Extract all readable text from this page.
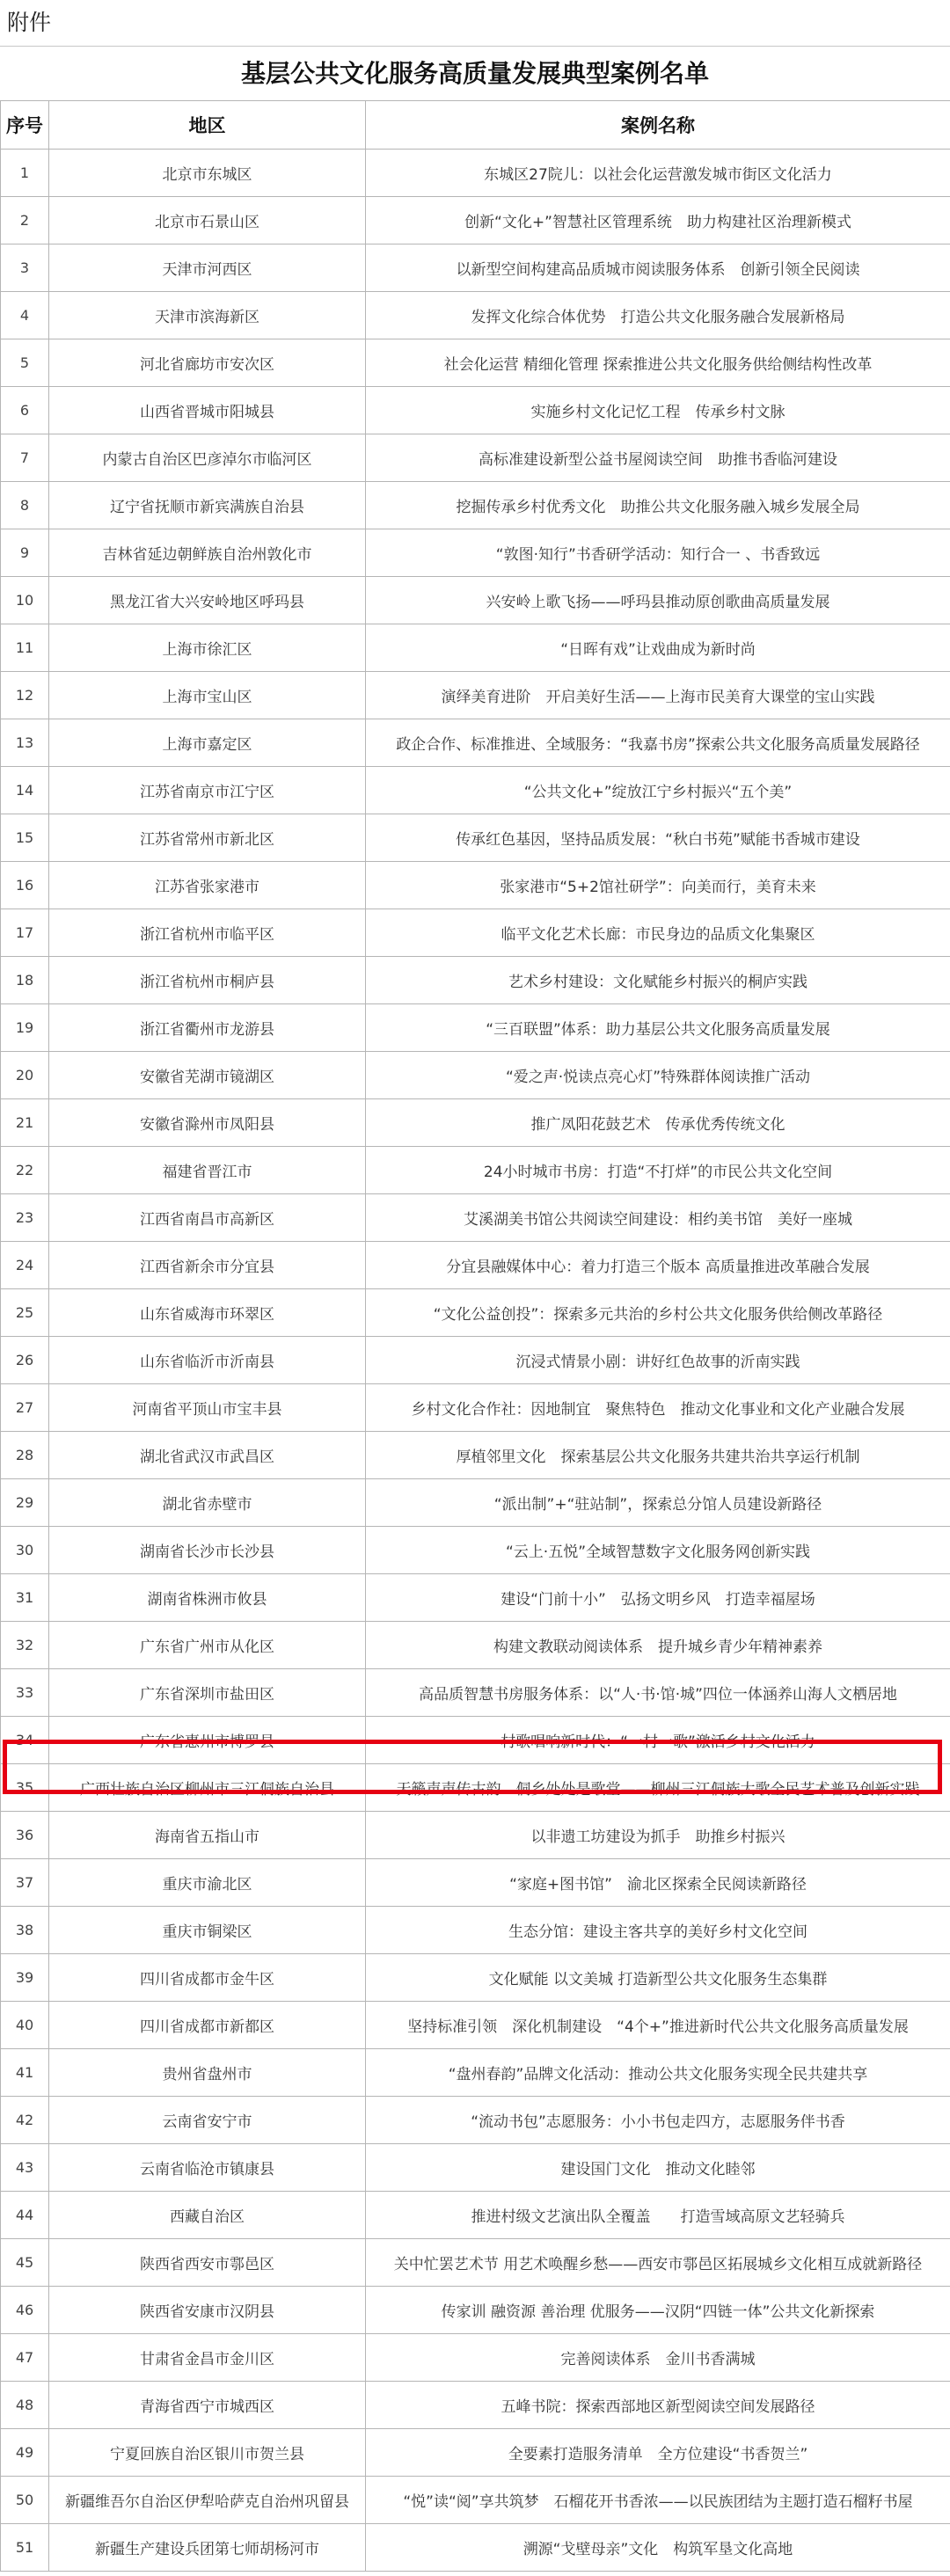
附件
基层公共文化服务高质量发展典型案例名单
序号	地区	案例名称
1	北京市东城区	东城区27院儿：以社会化运营激发城市街区文化活力
2	北京市石景山区	创新“文化+”智慧社区管理系统　助力构建社区治理新模式
3	天津市河西区	以新型空间构建高品质城市阅读服务体系　创新引领全民阅读
4	天津市滨海新区	发挥文化综合体优势　打造公共文化服务融合发展新格局
5	河北省廊坊市安次区	社会化运营 精细化管理 探索推进公共文化服务供给侧结构性改革
6	山西省晋城市阳城县	实施乡村文化记忆工程　传承乡村文脉
7	内蒙古自治区巴彦淖尔市临河区	高标准建设新型公益书屋阅读空间　助推书香临河建设
8	辽宁省抚顺市新宾满族自治县	挖掘传承乡村优秀文化　助推公共文化服务融入城乡发展全局
9	吉林省延边朝鲜族自治州敦化市	“敦图·知行”书香研学活动：知行合一 、书香致远
10	黑龙江省大兴安岭地区呼玛县	兴安岭上歌飞扬——呼玛县推动原创歌曲高质量发展
11	上海市徐汇区	“日晖有戏”让戏曲成为新时尚
12	上海市宝山区	演绎美育进阶　开启美好生活——上海市民美育大课堂的宝山实践
13	上海市嘉定区	政企合作、标准推进、全域服务：“我嘉书房”探索公共文化服务高质量发展路径
14	江苏省南京市江宁区	“公共文化+”绽放江宁乡村振兴“五个美”
15	江苏省常州市新北区	传承红色基因，坚持品质发展：“秋白书苑”赋能书香城市建设
16	江苏省张家港市	张家港市“5+2馆社研学”：向美而行，美育未来
17	浙江省杭州市临平区	临平文化艺术长廊：市民身边的品质文化集聚区
18	浙江省杭州市桐庐县	艺术乡村建设：文化赋能乡村振兴的桐庐实践
19	浙江省衢州市龙游县	“三百联盟”体系：助力基层公共文化服务高质量发展
20	安徽省芜湖市镜湖区	“爱之声·悦读点亮心灯”特殊群体阅读推广活动
21	安徽省滁州市凤阳县	推广凤阳花鼓艺术　传承优秀传统文化
22	福建省晋江市	24小时城市书房：打造“不打烊”的市民公共文化空间
23	江西省南昌市高新区	艾溪湖美书馆公共阅读空间建设：相约美书馆　美好一座城
24	江西省新余市分宜县	分宜县融媒体中心：着力打造三个版本 高质量推进改革融合发展
25	山东省威海市环翠区	“文化公益创投”：探索多元共治的乡村公共文化服务供给侧改革路径
26	山东省临沂市沂南县	沉浸式情景小剧：讲好红色故事的沂南实践
27	河南省平顶山市宝丰县	乡村文化合作社：因地制宜　聚焦特色　推动文化事业和文化产业融合发展
28	湖北省武汉市武昌区	厚植邻里文化　探索基层公共文化服务共建共治共享运行机制
29	湖北省赤壁市	“派出制”+“驻站制”，探索总分馆人员建设新路径
30	湖南省长沙市长沙县	“云上·五悦”全域智慧数字文化服务网创新实践
31	湖南省株洲市攸县	建设“门前十小”　弘扬文明乡风　打造幸福屋场
32	广东省广州市从化区	构建文教联动阅读体系　提升城乡青少年精神素养
33	广东省深圳市盐田区	高品质智慧书房服务体系：以“人·书·馆·城”四位一体涵养山海人文栖居地
34	广东省惠州市博罗县	村歌唱响新时代：“一村一歌”激活乡村文化活力
35	广西壮族自治区柳州市三江侗族自治县	天籁声声传古韵　侗乡处处是歌堂——柳州三江侗族大歌全民艺术普及创新实践
36	海南省五指山市	以非遗工坊建设为抓手　助推乡村振兴
37	重庆市渝北区	“家庭+图书馆”　渝北区探索全民阅读新路径
38	重庆市铜梁区	生态分馆：建设主客共享的美好乡村文化空间
39	四川省成都市金牛区	文化赋能 以文美城 打造新型公共文化服务生态集群
40	四川省成都市新都区	坚持标准引领　深化机制建设　“4个+”推进新时代公共文化服务高质量发展
41	贵州省盘州市	“盘州春韵”品牌文化活动：推动公共文化服务实现全民共建共享
42	云南省安宁市	“流动书包”志愿服务：小小书包走四方，志愿服务伴书香
43	云南省临沧市镇康县	建设国门文化　推动文化睦邻
44	西藏自治区	推进村级文艺演出队全覆盖　　打造雪域高原文艺轻骑兵
45	陕西省西安市鄠邑区	关中忙罢艺术节 用艺术唤醒乡愁——西安市鄠邑区拓展城乡文化相互成就新路径
46	陕西省安康市汉阴县	传家训 融资源 善治理 优服务——汉阴“四链一体”公共文化新探索
47	甘肃省金昌市金川区	完善阅读体系　金川书香满城
48	青海省西宁市城西区	五峰书院：探索西部地区新型阅读空间发展路径
49	宁夏回族自治区银川市贺兰县	全要素打造服务清单　全方位建设“书香贺兰”
50	新疆维吾尔自治区伊犁哈萨克自治州巩留县	“悦”读“阅”享共筑梦　石榴花开书香浓——以民族团结为主题打造石榴籽书屋
51	新疆生产建设兵团第七师胡杨河市	溯源“戈壁母亲”文化　构筑军垦文化高地
